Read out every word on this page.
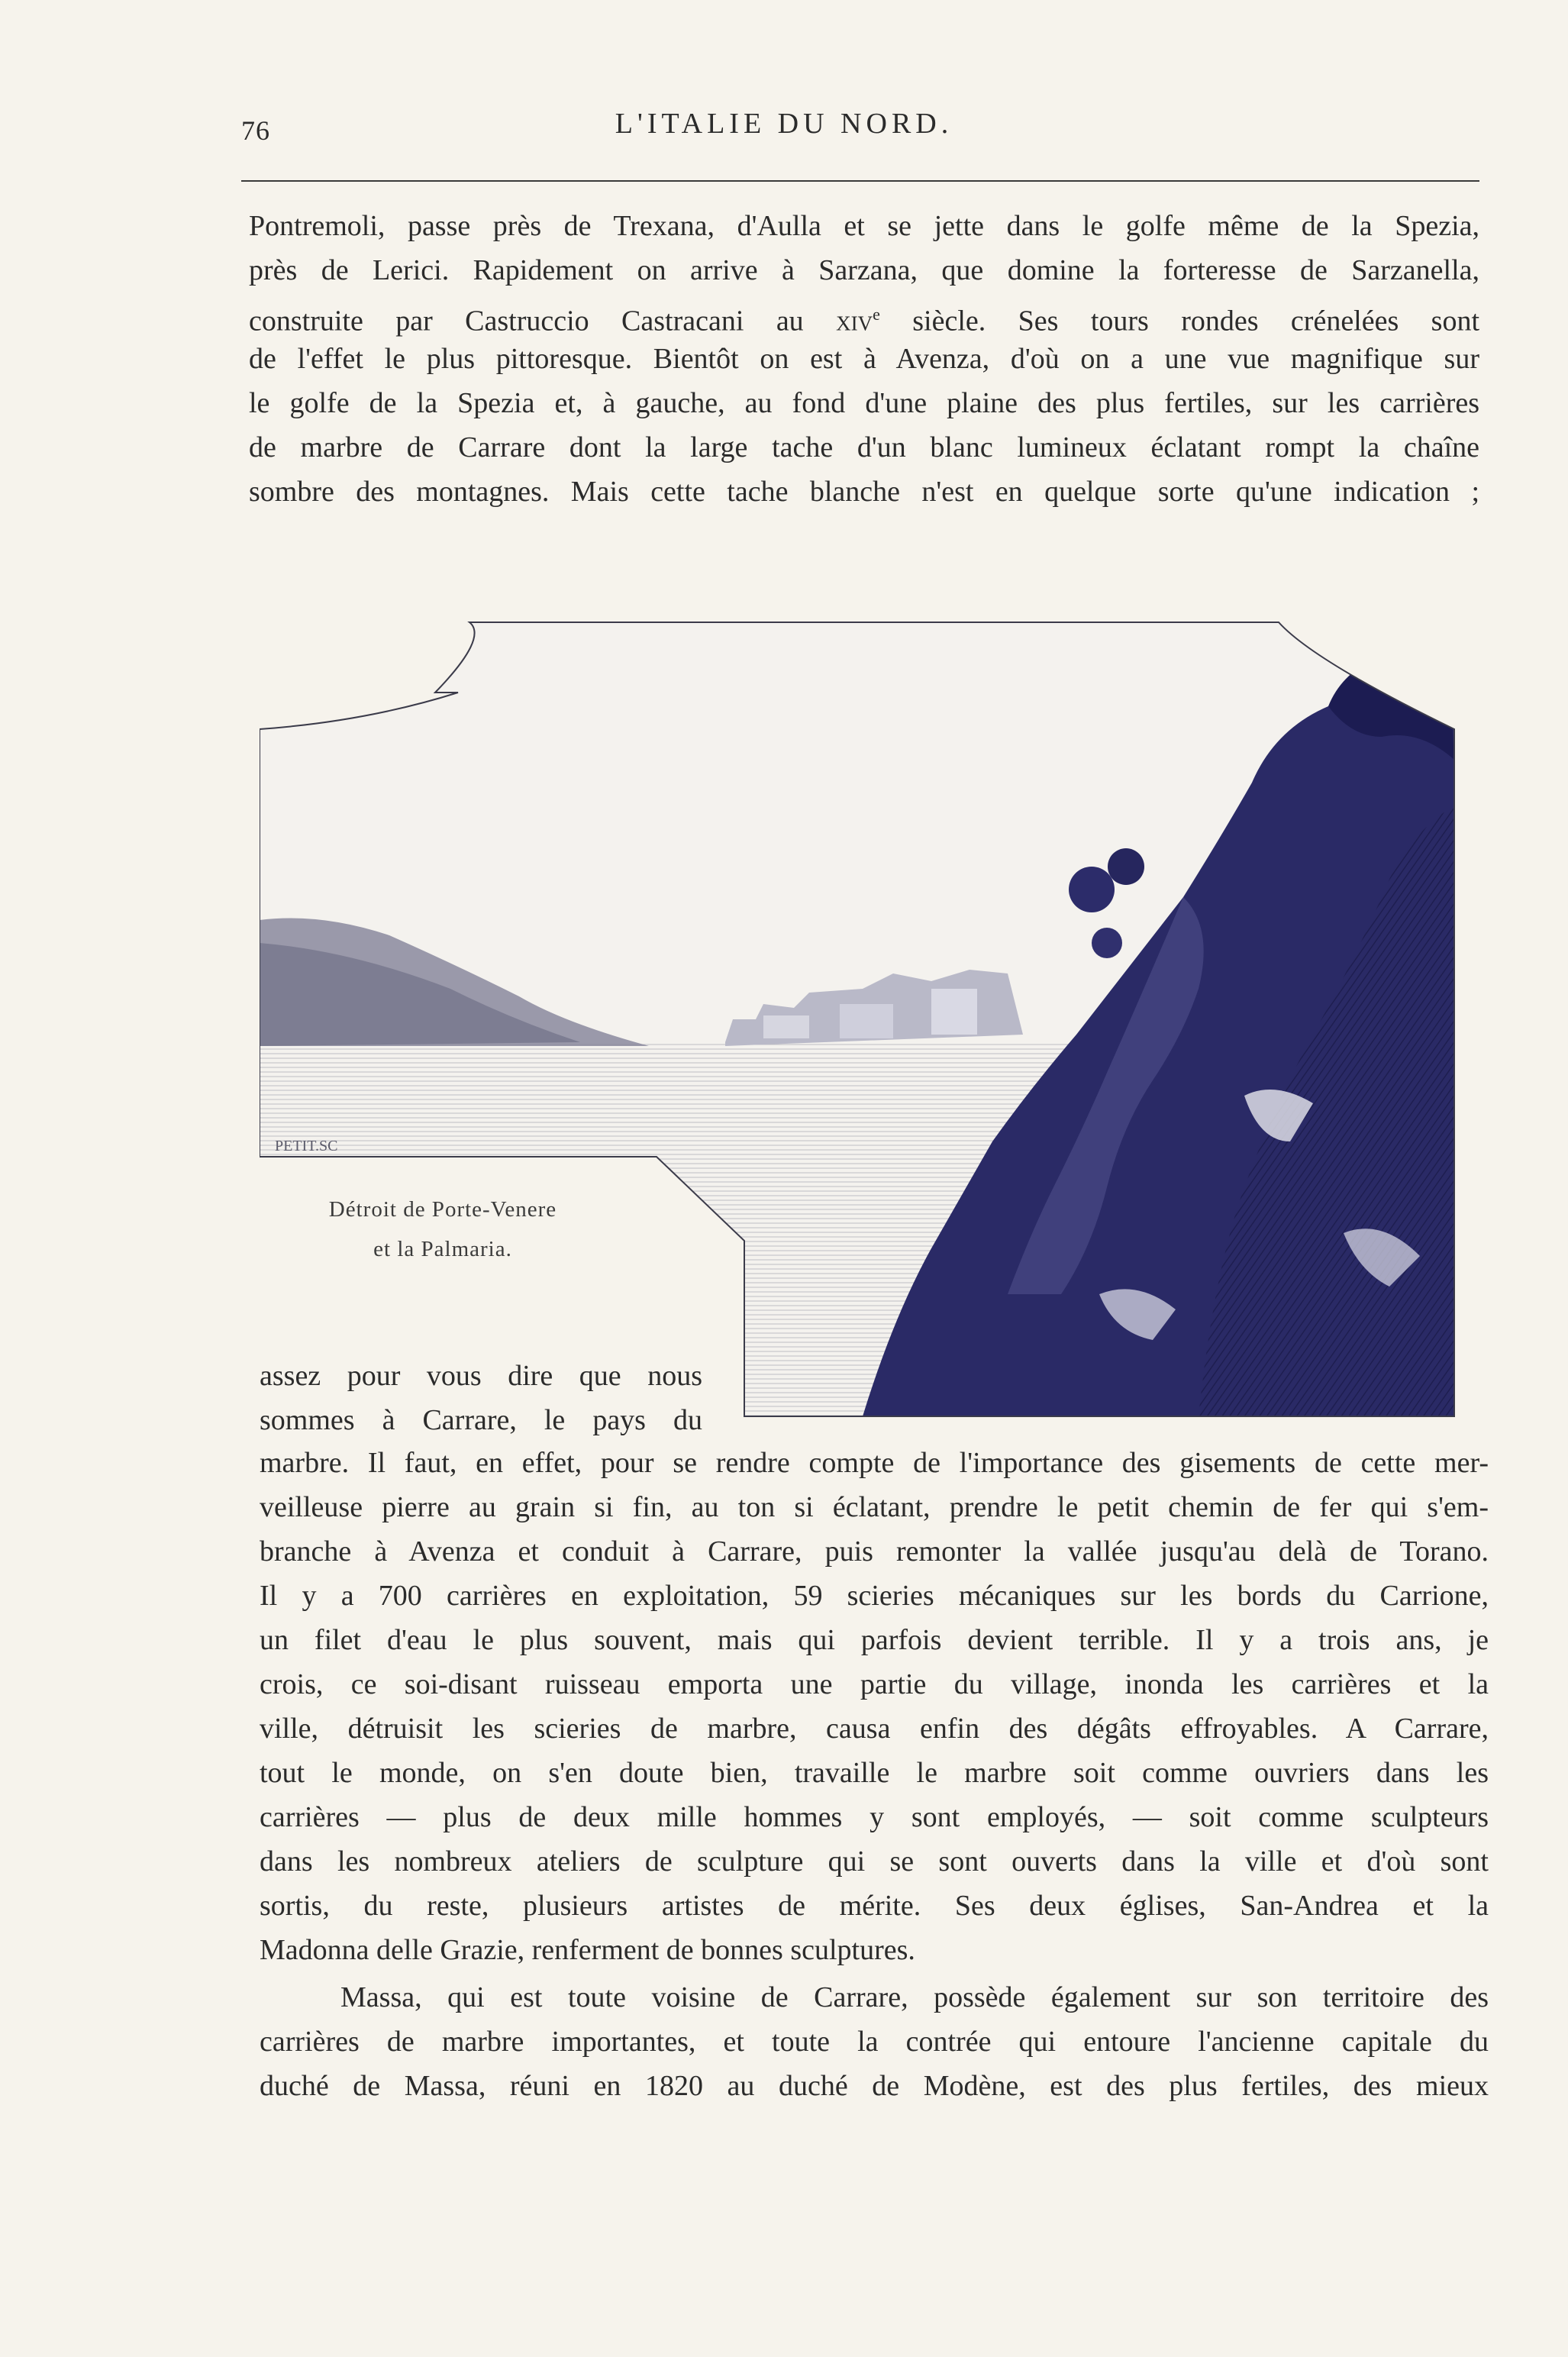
76	L'ITALIE DU NORD.
Pontremoli, passe près de Trexana, d'Aulla et se jette dans le golfe même de la Spezia,
près de Lerici. Rapidement on arrive à Sarzana, que domine la forteresse de Sarzanella,
construite par Castruccio Castracani au xiv$^e$ siècle. Ses tours rondes crénelées sont
de l'effet le plus pittoresque. Bientôt on est à Avenza, d'où on a une vue magnifique sur
le golfe de la Spezia et, à gauche, au fond d'une plaine des plus fertiles, sur les carrières
de marbre de Carrare dont la large tache d'un blanc lumineux éclatant rompt la chaîne
sombre des montagnes. Mais cette tache blanche n'est en quelque sorte qu'une indication ;
PETIT.SC
Détroit de Porte-Venere
et la Palmaria.
assez pour vous dire que nous
sommes à Carrare, le pays du
marbre. Il faut, en effet, pour se rendre compte de l'importance des gisements de cette mer-
veilleuse pierre au grain si fin, au ton si éclatant, prendre le petit chemin de fer qui s'em-
branche à Avenza et conduit à Carrare, puis remonter la vallée jusqu'au delà de Torano.
Il y a 700 carrières en exploitation, 59 scieries mécaniques sur les bords du Carrione,
un filet d'eau le plus souvent, mais qui parfois devient terrible. Il y a trois ans, je
crois, ce soi-disant ruisseau emporta une partie du village, inonda les carrières et la
ville, détruisit les scieries de marbre, causa enfin des dégâts effroyables. A Carrare,
tout le monde, on s'en doute bien, travaille le marbre soit comme ouvriers dans les
carrières — plus de deux mille hommes y sont employés, — soit comme sculpteurs
dans les nombreux ateliers de sculpture qui se sont ouverts dans la ville et d'où sont
sortis, du reste, plusieurs artistes de mérite. Ses deux églises, San-Andrea et la
Madonna delle Grazie, renferment de bonnes sculptures.
Massa, qui est toute voisine de Carrare, possède également sur son territoire des
carrières de marbre importantes, et toute la contrée qui entoure l'ancienne capitale du
duché de Massa, réuni en 1820 au duché de Modène, est des plus fertiles, des mieux
